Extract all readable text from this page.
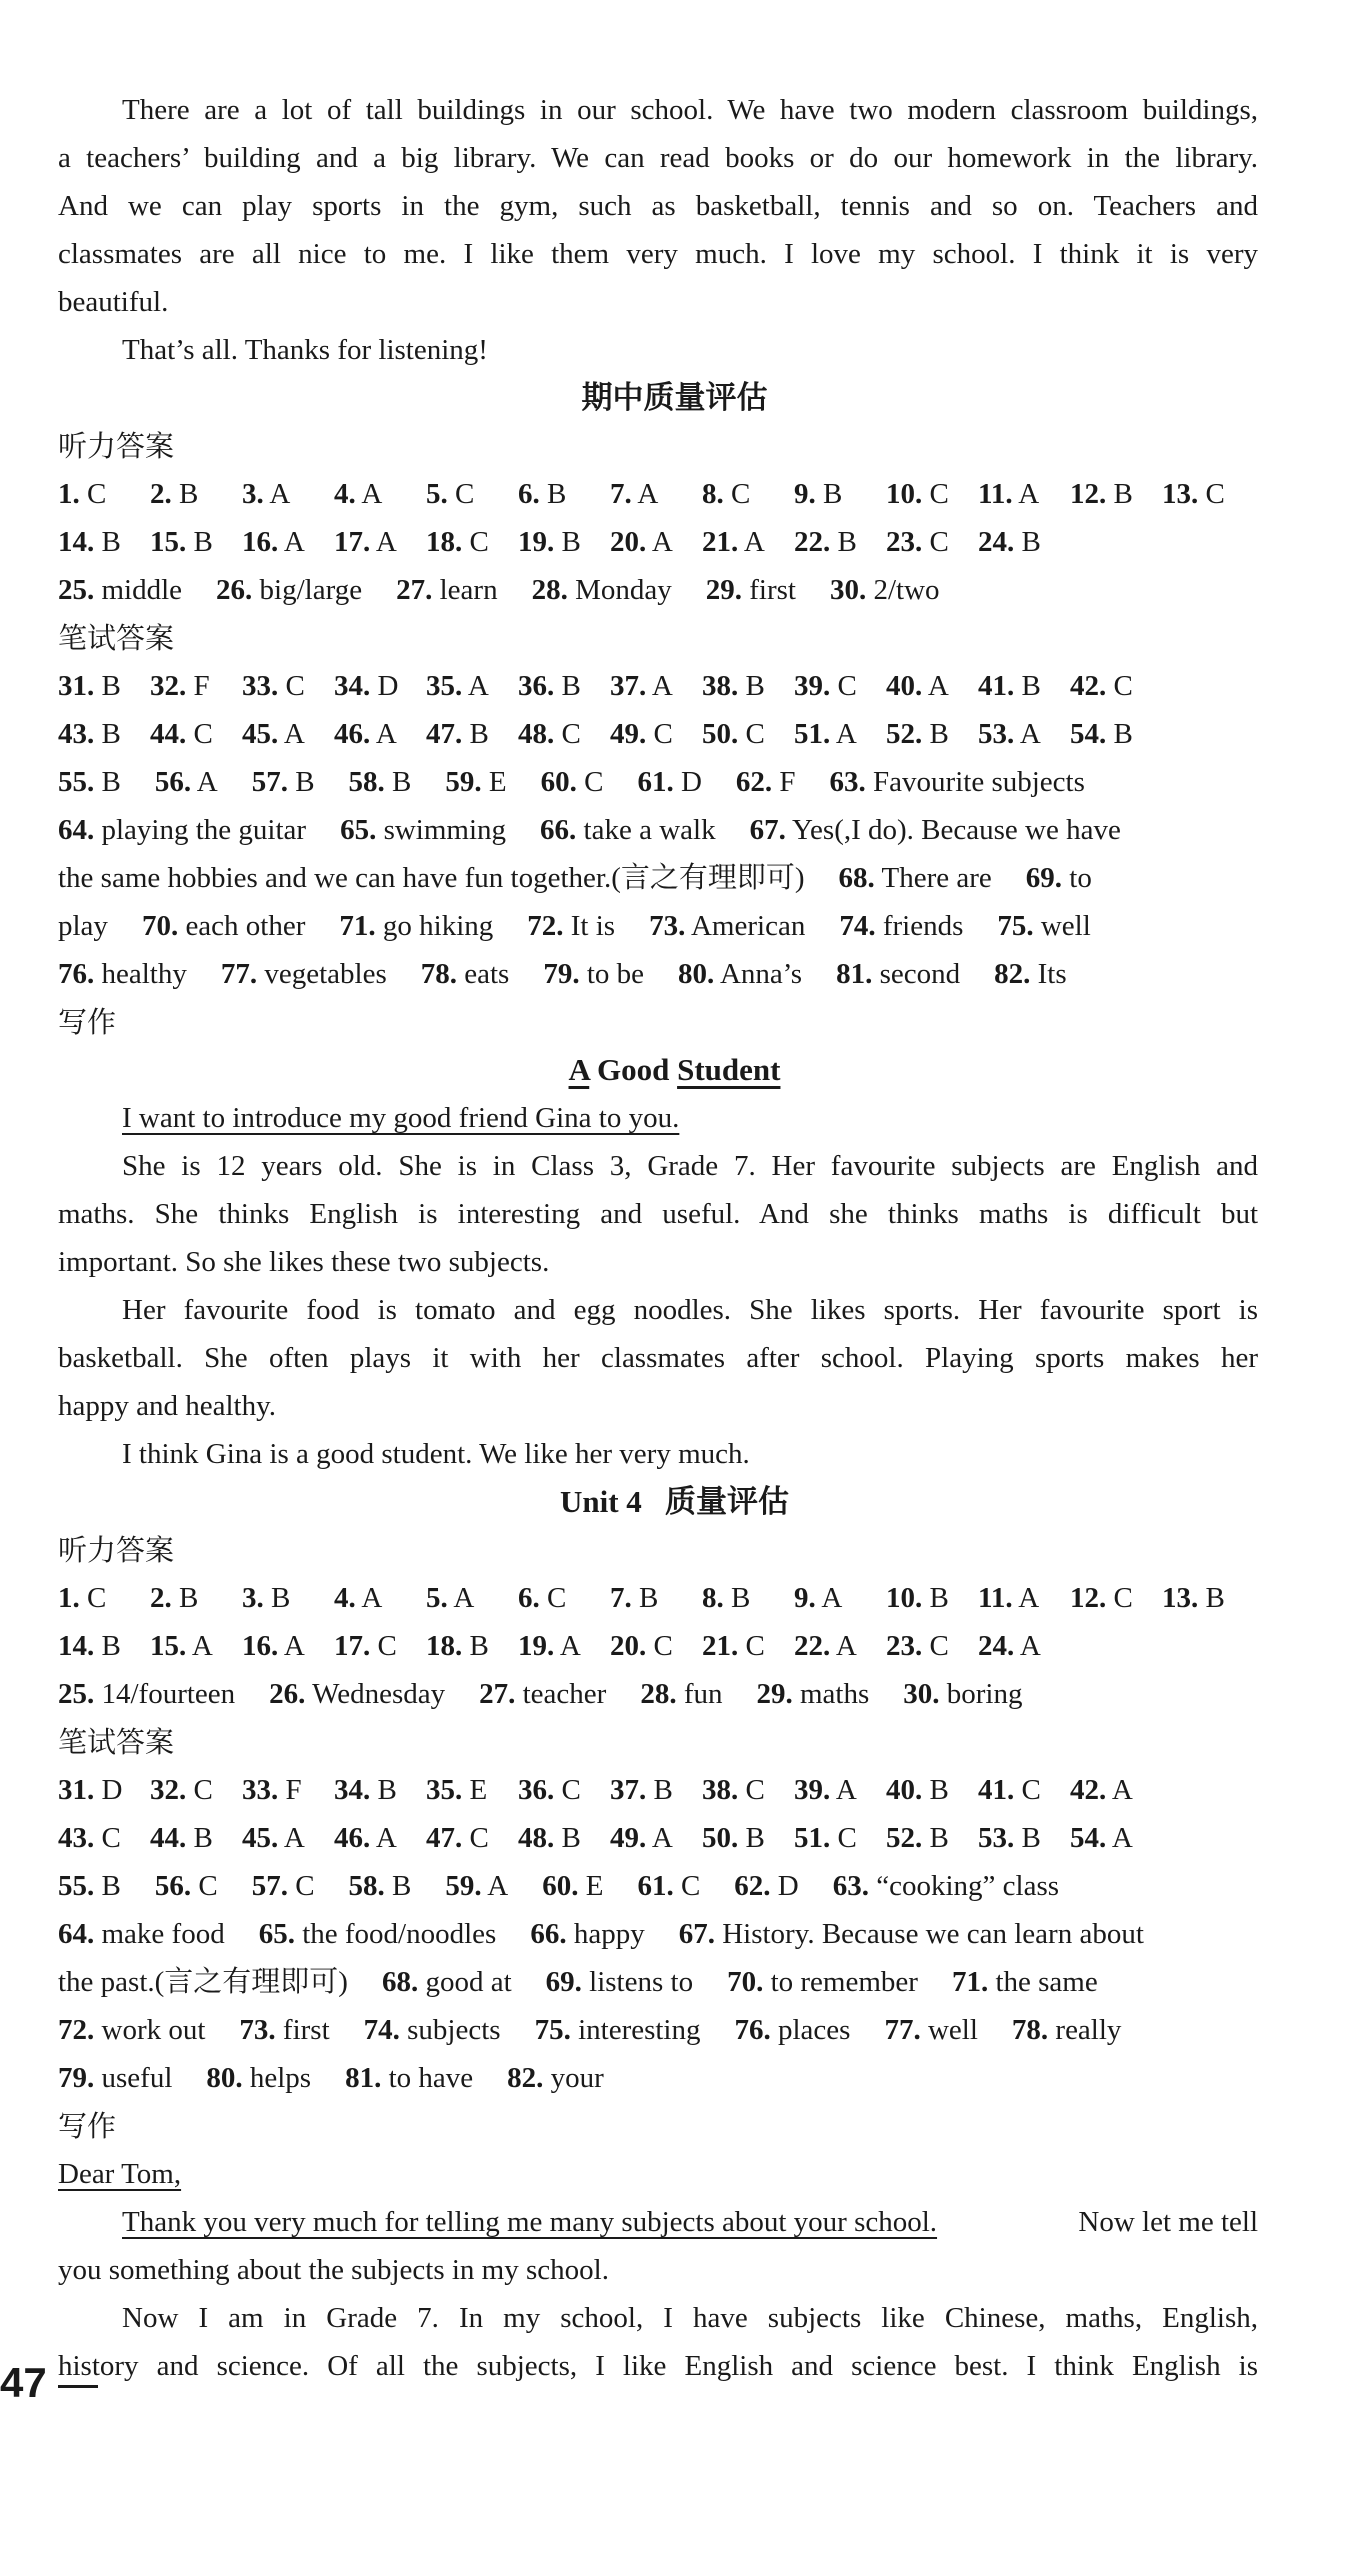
There are a lot of tall buildings in our school. We have two modern classroom buildings,
a teachers’ building and a big library. We can read books or do our homework in the library.
And we can play sports in the gym, such as basketball, tennis and so on. Teachers and
classmates are all nice to me. I like them very much. I love my school. I think it is very
beautiful.
That’s all. Thanks for listening!
期中质量评估
听力答案
1. C 2. B 3. A 4. A 5. C 6. B 7. A 8. C 9. B 10. C 11. A 12. B 13. C
14. B 15. B 16. A 17. A 18. C 19. B 20. A 21. A 22. B 23. C 24. B
25. middle 26. big/large 27. learn 28. Monday 29. first 30. 2/two
笔试答案
31. B 32. F 33. C 34. D 35. A 36. B 37. A 38. B 39. C 40. A 41. B 42. C
43. B 44. C 45. A 46. A 47. B 48. C 49. C 50. C 51. A 52. B 53. A 54. B
55. B 56. A 57. B 58. B 59. E 60. C 61. D 62. F 63. Favourite subjects
64. playing the guitar 65. swimming 66. take a walk 67. Yes(,I do). Because we have
the same hobbies and we can have fun together.(言之有理即可) 68. There are 69. to
play 70. each other 71. go hiking 72. It is 73. American 74. friends 75. well
76. healthy 77. vegetables 78. eats 79. to be 80. Anna’s 81. second 82. Its
写作
A Good Student
I want to introduce my good friend Gina to you.
She is 12 years old. She is in Class 3, Grade 7. Her favourite subjects are English and
maths. She thinks English is interesting and useful. And she thinks maths is difficult but
important. So she likes these two subjects.
Her favourite food is tomato and egg noodles. She likes sports. Her favourite sport is
basketball. She often plays it with her classmates after school. Playing sports makes her
happy and healthy.
I think Gina is a good student. We like her very much.
Unit 4 质量评估
听力答案
1. C 2. B 3. B 4. A 5. A 6. C 7. B 8. B 9. A 10. B 11. A 12. C 13. B
14. B 15. A 16. A 17. C 18. B 19. A 20. C 21. C 22. A 23. C 24. A
25. 14/fourteen 26. Wednesday 27. teacher 28. fun 29. maths 30. boring
笔试答案
31. D 32. C 33. F 34. B 35. E 36. C 37. B 38. C 39. A 40. B 41. C 42. A
43. C 44. B 45. A 46. A 47. C 48. B 49. A 50. B 51. C 52. B 53. B 54. A
55. B 56. C 57. C 58. B 59. A 60. E 61. C 62. D 63. “cooking” class
64. make food 65. the food/noodles 66. happy 67. History. Because we can learn about
the past.(言之有理即可) 68. good at 69. listens to 70. to remember 71. the same
72. work out 73. first 74. subjects 75. interesting 76. places 77. well 78. really
79. useful 80. helps 81. to have 82. your
写作
Dear Tom,
Thank you very much for telling me many subjects about your school.	Now let me tell
you something about the subjects in my school.
Now I am in Grade 7. In my school, I have subjects like Chinese, maths, English,
history and science. Of all the subjects, I like English and science best. I think English is
47
